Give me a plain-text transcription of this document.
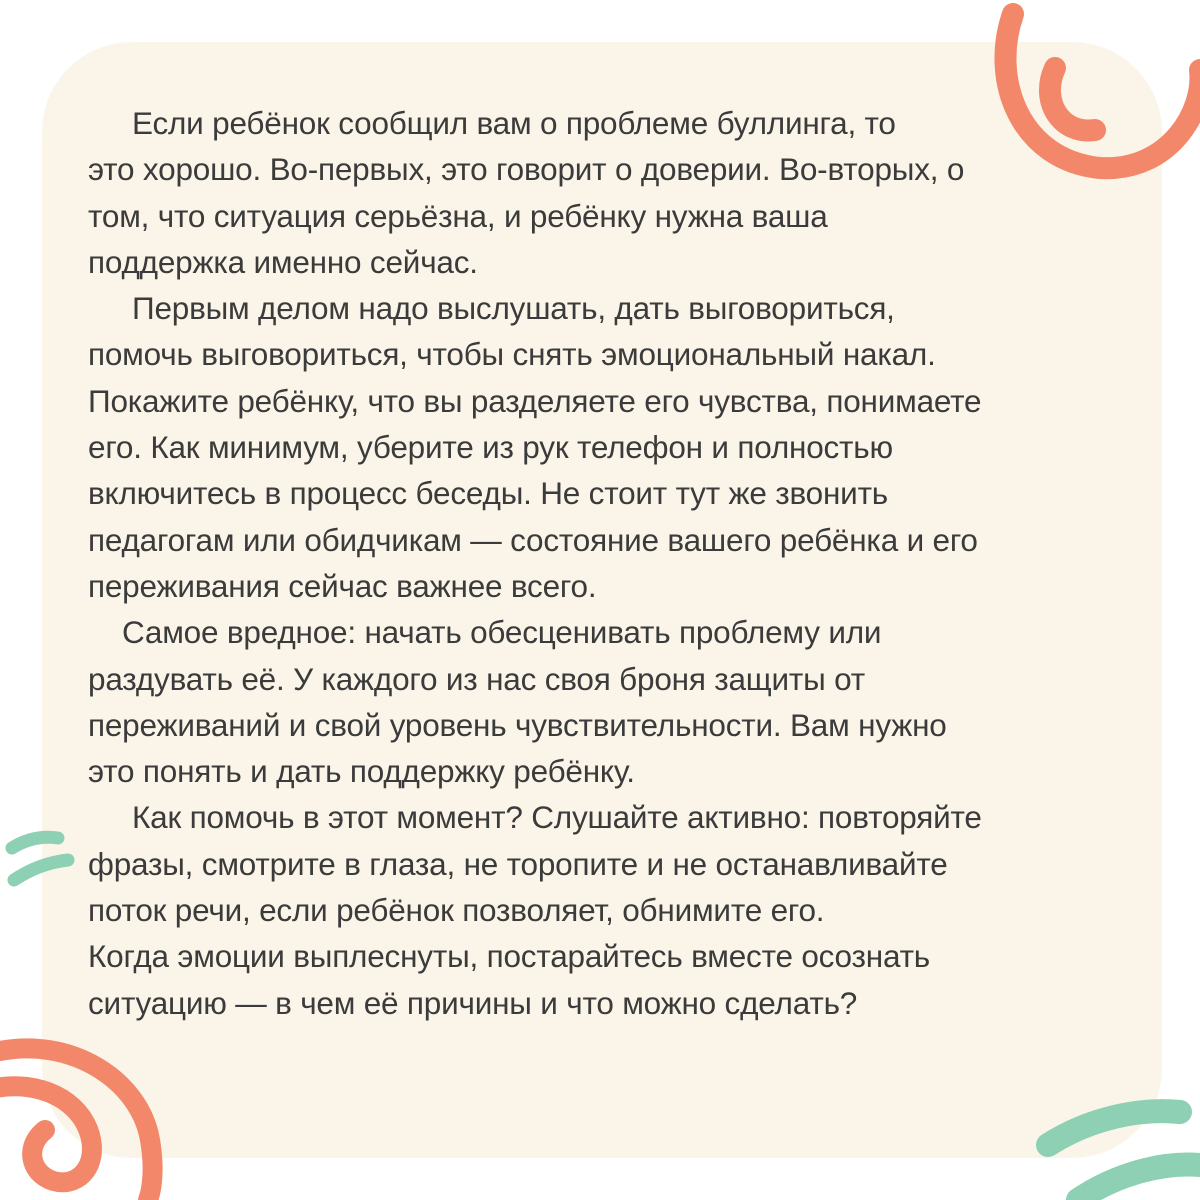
Если ребёнок сообщил вам о проблеме буллинга, то

это хорошо. Во-первых, это говорит о доверии. Во-вторых, о

том, что ситуация серьёзна, и ребёнку нужна ваша

поддержка именно сейчас.

Первым делом надо выслушать, дать выговориться,

помочь выговориться, чтобы снять эмоциональный накал.

Покажите ребёнку, что вы разделяете его чувства, понимаете

его. Как минимум, уберите из рук телефон и полностью

включитесь в процесс беседы. Не стоит тут же звонить

педагогам или обидчикам — состояние вашего ребёнка и его

переживания сейчас важнее всего.

Самое вредное: начать обесценивать проблему или

раздувать её. У каждого из нас своя броня защиты от

переживаний и свой уровень чувствительности. Вам нужно

это понять и дать поддержку ребёнку.

Как помочь в этот момент? Слушайте активно: повторяйте

фразы, смотрите в глаза, не торопите и не останавливайте

поток речи, если ребёнок позволяет, обнимите его.

Когда эмоции выплеснуты, постарайтесь вместе осознать

ситуацию — в чем её причины и что можно сделать?
